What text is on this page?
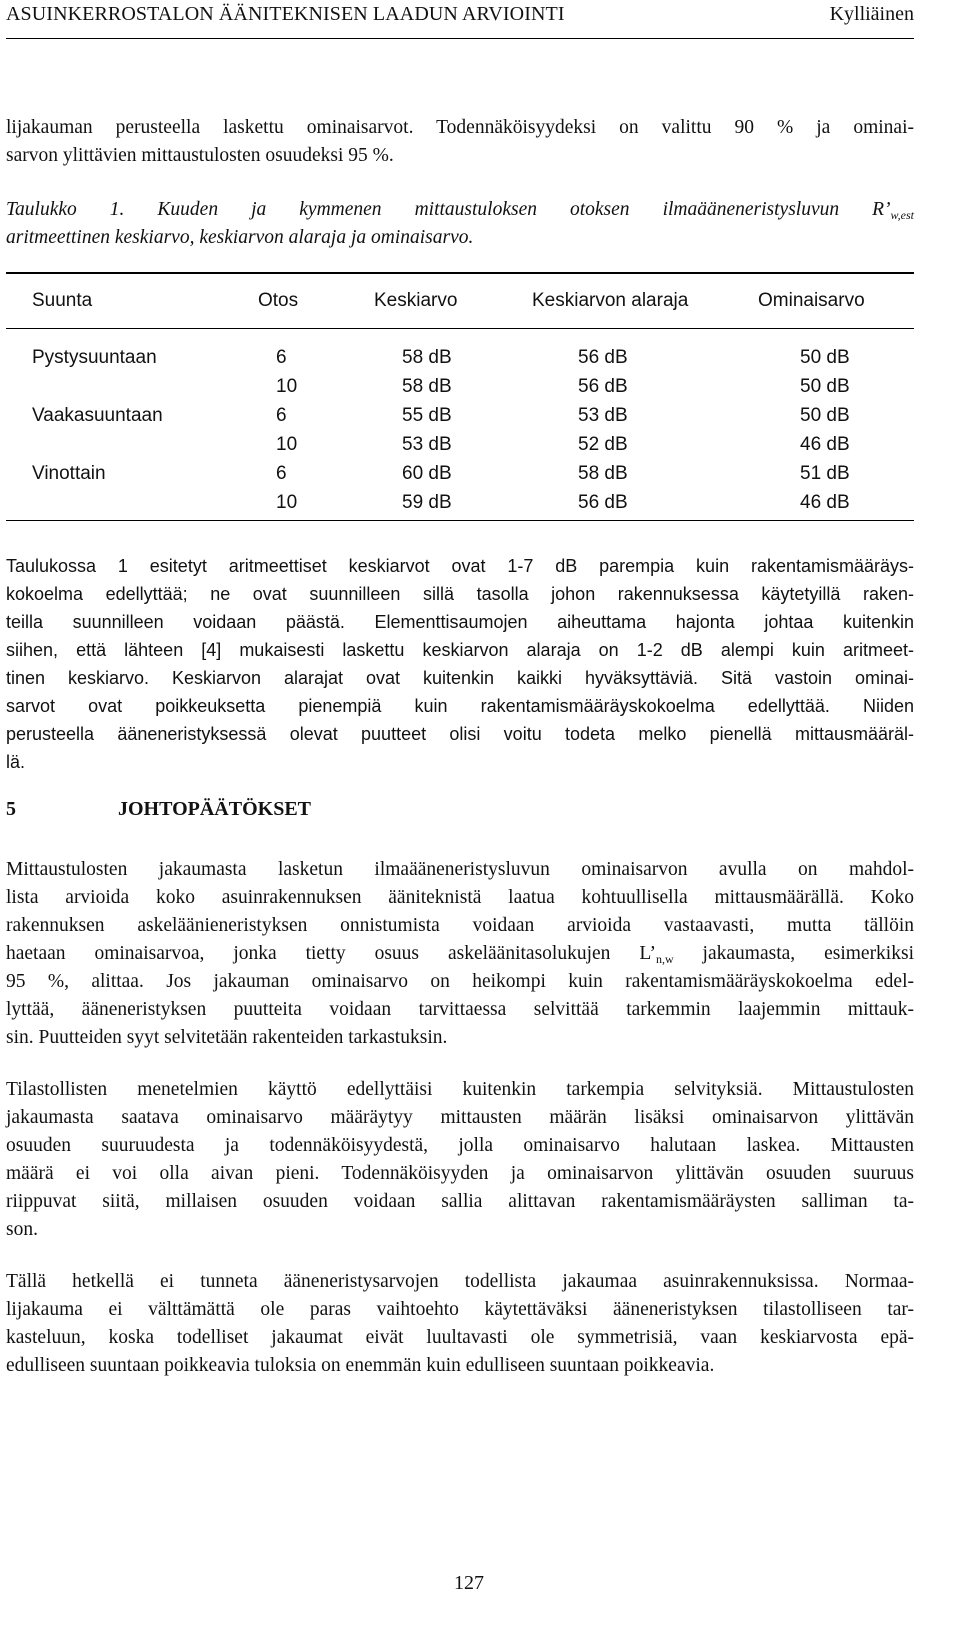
ASUINKERROSTALON ÄÄNITEKNISEN LAADUN ARVIOINTI	Kylliäinen
lijakauman perusteella laskettu ominaisarvot. Todennäköisyydeksi on valittu 90 % ja ominai-
sarvon ylittävien mittaustulosten osuudeksi 95 %.
Taulukko 1. Kuuden ja kymmenen mittaustuloksen otoksen ilmaääneneristysluvun $R’_{w,est}$
aritmeettinen keskiarvo, keskiarvon alaraja ja ominaisarvo.
Suunta	Otos	Keskiarvo	Keskiarvon alaraja	Ominaisarvo

Pystysuuntaan	6	58 dB	56 dB	50 dB
	10	58 dB	56 dB	50 dB
Vaakasuuntaan	6	55 dB	53 dB	50 dB
	10	53 dB	52 dB	46 dB
Vinottain	6	60 dB	58 dB	51 dB
	10	59 dB	56 dB	46 dB
Taulukossa 1 esitetyt aritmeettiset keskiarvot ovat 1-7 dB parempia kuin rakentamismääräys-
kokoelma edellyttää; ne ovat suunnilleen sillä tasolla johon rakennuksessa käytetyillä raken-
teilla suunnilleen voidaan päästä. Elementtisaumojen aiheuttama hajonta johtaa kuitenkin
siihen, että lähteen [4] mukaisesti laskettu keskiarvon alaraja on 1-2 dB alempi kuin aritmeet-
tinen keskiarvo. Keskiarvon alarajat ovat kuitenkin kaikki hyväksyttäviä. Sitä vastoin ominai-
sarvot ovat poikkeuksetta pienempiä kuin rakentamismääräyskokoelma edellyttää. Niiden
perusteella ääneneristyksessä olevat puutteet olisi voitu todeta melko pienellä mittausmääräl-
lä.
5	JOHTOPÄÄTÖKSET
Mittaustulosten jakaumasta lasketun ilmaääneneristysluvun ominaisarvon avulla on mahdol-
lista arvioida koko asuinrakennuksen ääniteknistä laatua kohtuullisella mittausmäärällä. Koko
rakennuksen askeläänieneristyksen onnistumista voidaan arvioida vastaavasti, mutta tällöin
haetaan ominaisarvoa, jonka tietty osuus askeläänitasolukujen $L’_{n,w}$ jakaumasta, esimerkiksi
95 %, alittaa. Jos jakauman ominaisarvo on heikompi kuin rakentamismääräyskokoelma edel-
lyttää, ääneneristyksen puutteita voidaan tarvittaessa selvittää tarkemmin laajemmin mittauk-
sin. Puutteiden syyt selvitetään rakenteiden tarkastuksin.
Tilastollisten menetelmien käyttö edellyttäisi kuitenkin tarkempia selvityksiä. Mittaustulosten
jakaumasta saatava ominaisarvo määräytyy mittausten määrän lisäksi ominaisarvon ylittävän
osuuden suuruudesta ja todennäköisyydestä, jolla ominaisarvo halutaan laskea. Mittausten
määrä ei voi olla aivan pieni. Todennäköisyyden ja ominaisarvon ylittävän osuuden suuruus
riippuvat siitä, millaisen osuuden voidaan sallia alittavan rakentamismääräysten salliman ta-
son.
Tällä hetkellä ei tunneta ääneneristysarvojen todellista jakaumaa asuinrakennuksissa. Normaa-
lijakauma ei välttämättä ole paras vaihtoehto käytettäväksi ääneneristyksen tilastolliseen tar-
kasteluun, koska todelliset jakaumat eivät luultavasti ole symmetrisiä, vaan keskiarvosta epä-
edulliseen suuntaan poikkeavia tuloksia on enemmän kuin edulliseen suuntaan poikkeavia.
127
